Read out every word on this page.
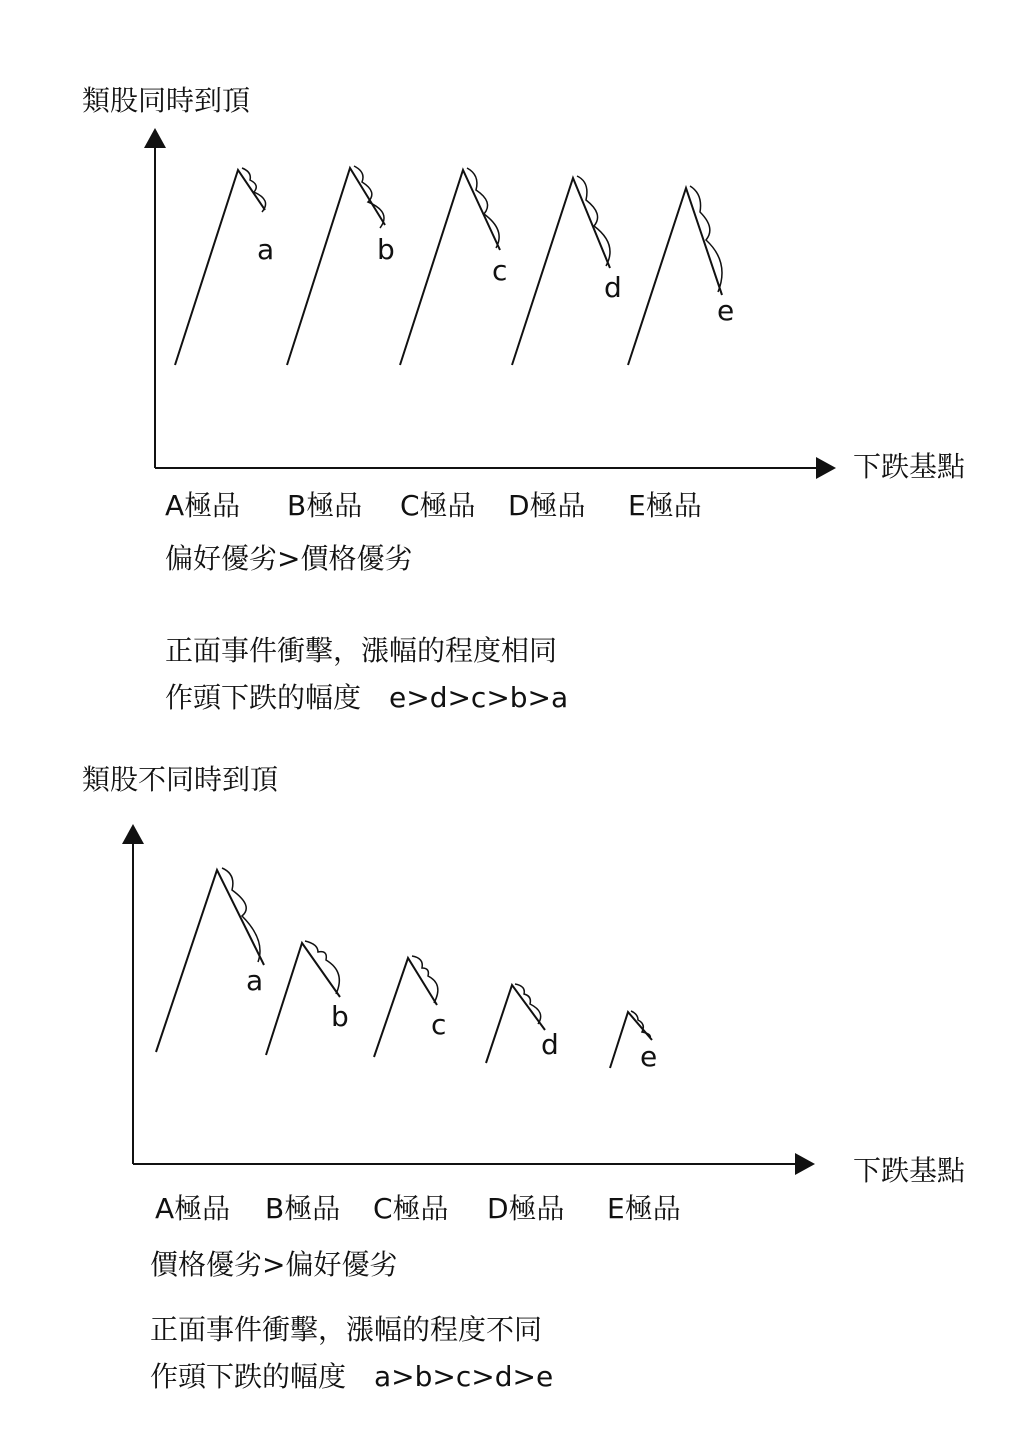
類股同時到頂
a	b
c
d
e
a
b	c
d	e
下跌基點
A極品 B極品 C極品 D極品 E極品
偏好優劣>價格優劣
正面事件衝擊，漲幅的程度相同
作頭下跌的幅度　e>d>c>b>a
類股不同時到頂
下跌基點
A極品 B極品 C極品 D極品 E極品
價格優劣>偏好優劣
正面事件衝擊，漲幅的程度不同
作頭下跌的幅度　a>b>c>d>e
